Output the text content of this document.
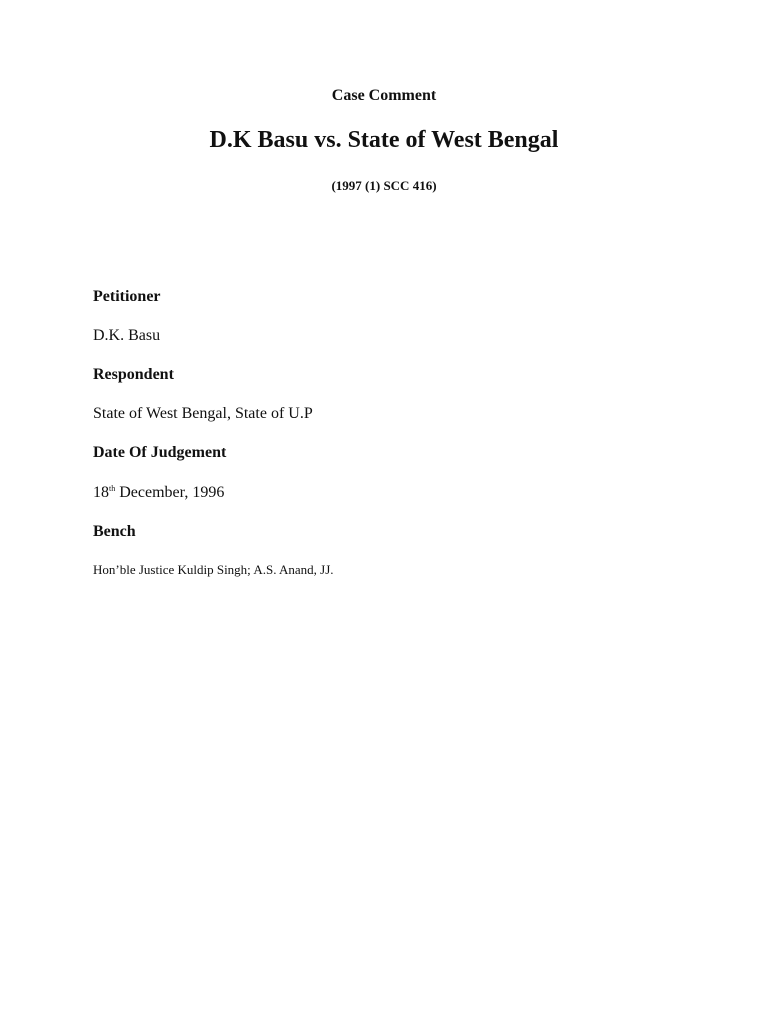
Case Comment
D.K Basu vs. State of West Bengal
(1997 (1) SCC 416)
Petitioner
D.K. Basu
Respondent
State of West Bengal, State of U.P
Date Of Judgement
18th December, 1996
Bench
Hon’ble Justice Kuldip Singh; A.S. Anand, JJ.
